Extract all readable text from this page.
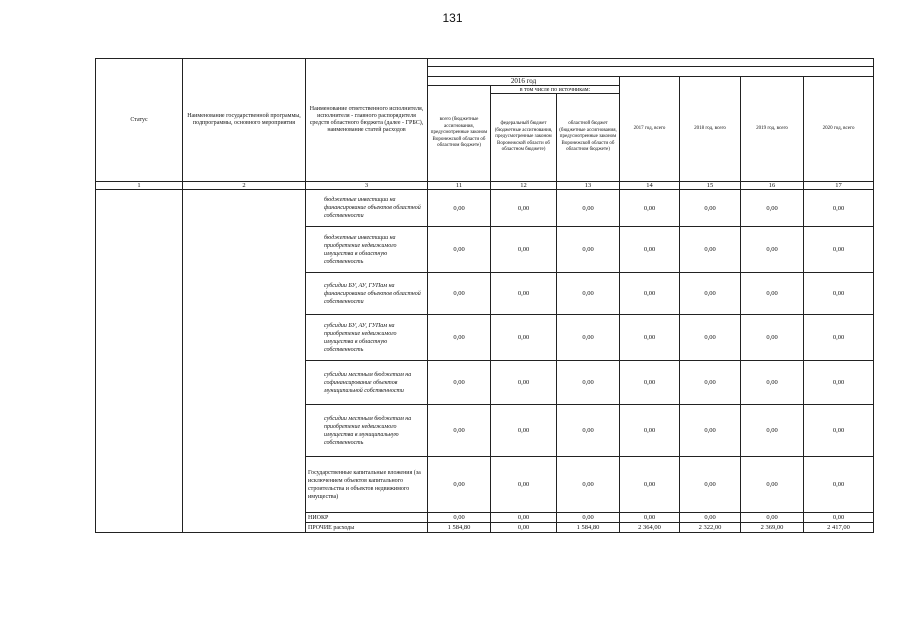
131
Статус	Наименование государственной программы, подпрограммы, основного мероприятия	Наименование ответственного исполнителя, исполнителя - главного распорядителя средств областного бюджета (далее - ГРБС), наименование статей расходов							

			2016 год			2017 год, всего	2018 год, всего	2019 год, всего	2020 год, всего
			всего (бюджетные ассигнования, предусмотренные законом Воронежской области об областном бюджете)	в том числе по источникам:					
				федеральный бюджет (бюджетные ассигнования, предусмотренные законом Воронежской области об областном бюджете)	областной бюджет (бюджетные ассигнования, предусмотренные законом Воронежской области об областном бюджете)				
1	2	3	11	12	13	14	15	16	17
		бюджетные инвестиции на финансирование объектов областной собственности	0,00	0,00	0,00	0,00	0,00	0,00	0,00
		бюджетные инвестиции на приобретение недвижимого имущества в областную собственность	0,00	0,00	0,00	0,00	0,00	0,00	0,00
		субсидии БУ, АУ, ГУПам на финансирование объектов областной собственности	0,00	0,00	0,00	0,00	0,00	0,00	0,00
		субсидии БУ, АУ, ГУПам на приобретение недвижимого имущества в областную собственность	0,00	0,00	0,00	0,00	0,00	0,00	0,00
		субсидии местным бюджетам на софинансирование объектов муниципальной собственности	0,00	0,00	0,00	0,00	0,00	0,00	0,00
		субсидии местным бюджетам на приобретение недвижимого имущества в муниципальную собственность	0,00	0,00	0,00	0,00	0,00	0,00	0,00
		Государственные капитальные вложения (за исключением объектов капитального строительства и объектов недвижимого имущества)	0,00	0,00	0,00	0,00	0,00	0,00	0,00
		НИОКР	0,00	0,00	0,00	0,00	0,00	0,00	0,00
		ПРОЧИЕ расходы	1 584,80	0,00	1 584,80	2 364,00	2 322,00	2 369,00	2 417,00
